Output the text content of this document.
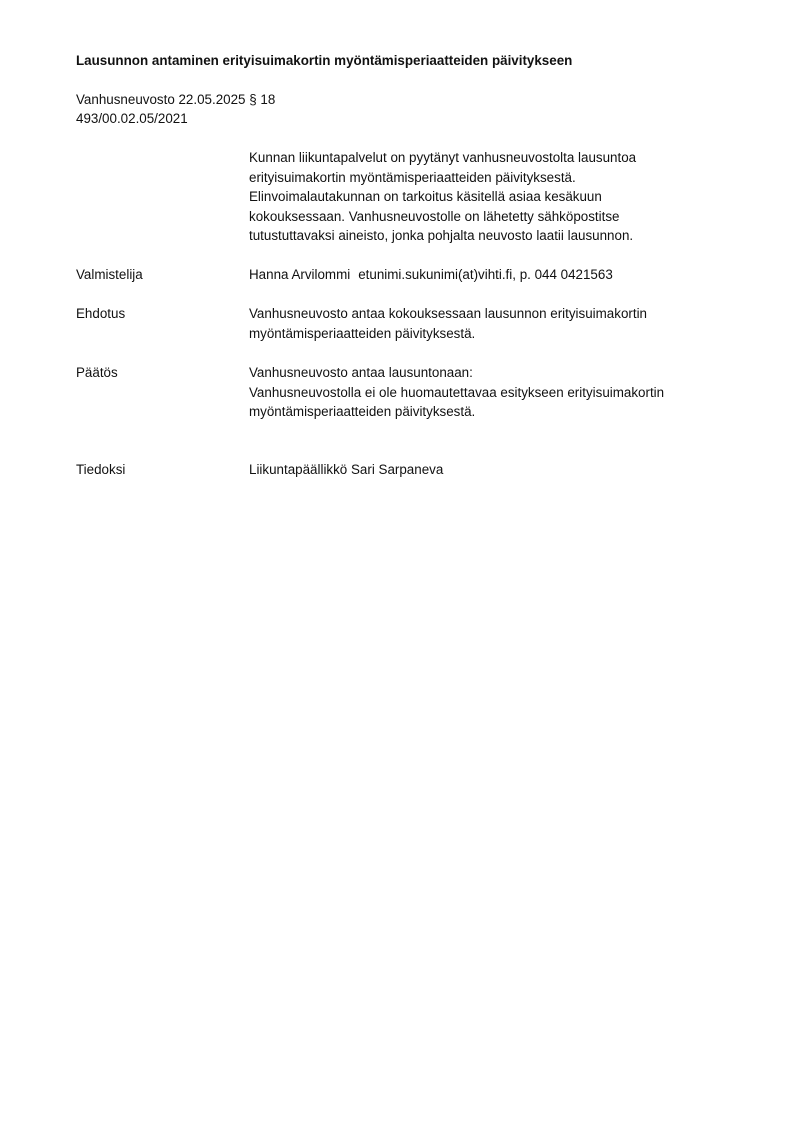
Lausunnon antaminen erityisuimakortin myöntämisperiaatteiden päivitykseen
Vanhusneuvosto 22.05.2025 § 18
493/00.02.05/2021
Kunnan liikuntapalvelut on pyytänyt vanhusneuvostolta lausuntoa
erityisuimakortin myöntämisperiaatteiden päivityksestä.
Elinvoimalautakunnan on tarkoitus käsitellä asiaa kesäkuun
kokouksessaan. Vanhusneuvostolle on lähetetty sähköpostitse
tutustuttavaksi aineisto, jonka pohjalta neuvosto laatii lausunnon.
Valmistelija	Hanna Arvilommi etunimi.sukunimi(at)vihti.fi, p. 044 0421563
Ehdotus	Vanhusneuvosto antaa kokouksessaan lausunnon erityisuimakortin
myöntämisperiaatteiden päivityksestä.
Päätös	Vanhusneuvosto antaa lausuntonaan:
Vanhusneuvostolla ei ole huomautettavaa esitykseen erityisuimakortin
myöntämisperiaatteiden päivityksestä.
Tiedoksi	Liikuntapäällikkö Sari Sarpaneva
